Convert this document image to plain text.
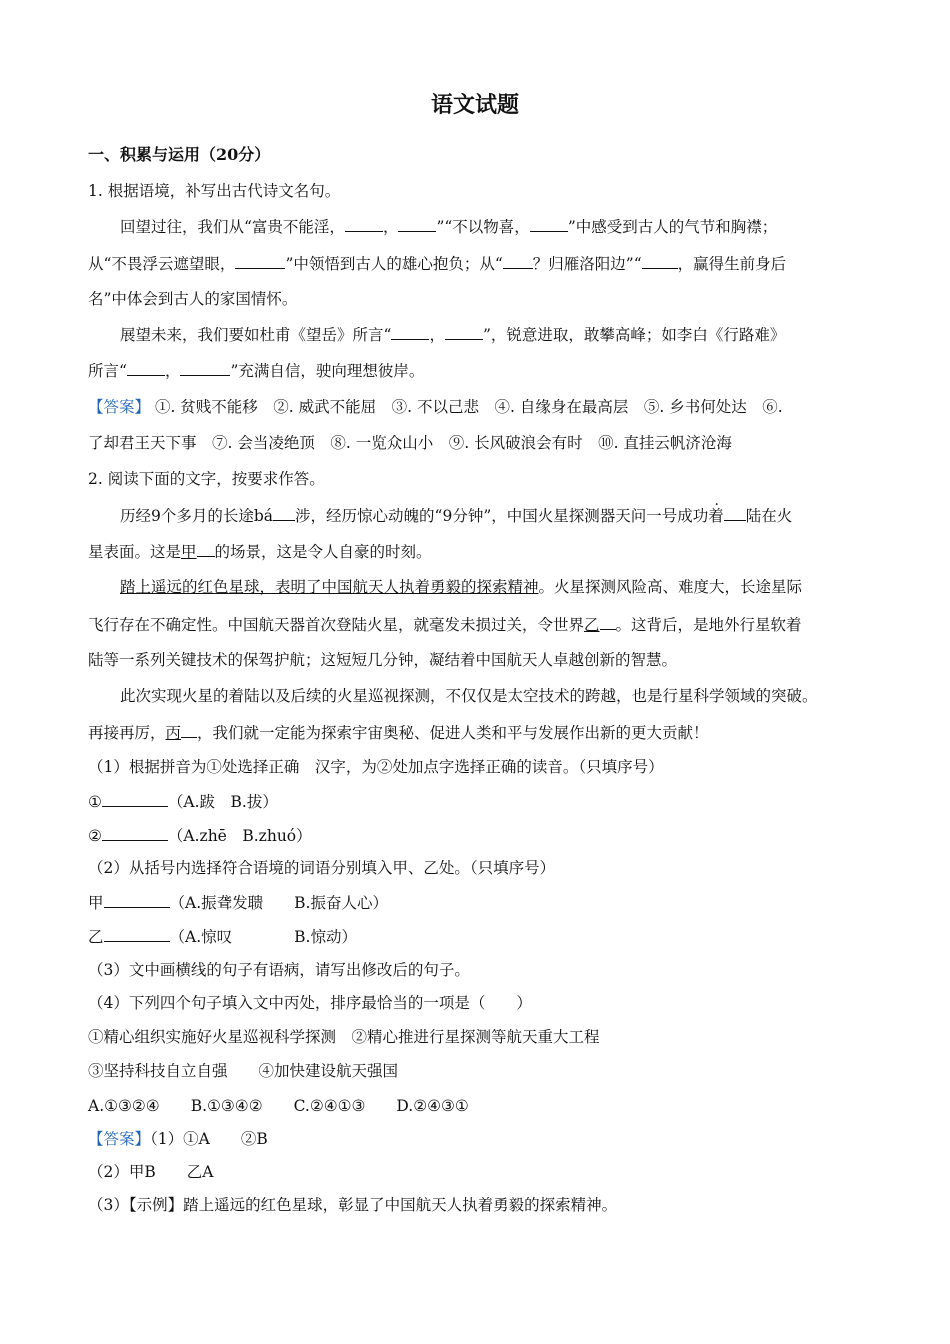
语文试题
一、积累与运用（20分）
1. 根据语境，补写出古代诗文名句。
回望过往，我们从“富贵不能淫， ， ”“不以物喜， ”中感受到古人的气节和胸襟；
从“不畏浮云遮望眼，	”中领悟到古人的雄心抱负；从“ ？归雁洛阳边”“ ，赢得生前身后
名”中体会到古人的家国情怀。
展望未来，我们要如杜甫《望岳》所言“ ， ”，锐意进取，敢攀高峰；如李白《行路难》
所言“ ，	”充满自信，驶向理想彼岸。
【答案】 ①. 贫贱不能移　②. 威武不能屈　③. 不以己悲　④. 自缘身在最高层　⑤. 乡书何处达　⑥.
了却君王天下事　⑦. 会当凌绝顶　⑧. 一览众山小　⑨. 长风破浪会有时　⑩. 直挂云帆济沧海
2. 阅读下面的文字，按要求作答。
历经9个多月的长途bá 涉，经历惊心动魄的“9分钟”，中国火星探测器天问一号成功着 陆在火
星表面。这是甲 的场景，这是令人自豪的时刻。
踏上遥远的红色星球，表明了中国航天人执着勇毅的探索精神。火星探测风险高、难度大，长途星际
飞行存在不确定性。中国航天器首次登陆火星，就毫发未损过关，令世界乙 。这背后，是地外行星软着
陆等一系列关键技术的保驾护航；这短短几分钟，凝结着中国航天人卓越创新的智慧。
此次实现火星的着陆以及后续的火星巡视探测，不仅仅是太空技术的跨越，也是行星科学领域的突破。
再接再厉，丙 ，我们就一定能为探索宇宙奥秘、促进人类和平与发展作出新的更大贡献！
（1）根据拼音为①处选择正确　汉字，为②处加点字选择正确的读音。（只填序号）
①	（A.跋　B.拔）
②	（A.zhē　B.zhuó）
（2）从括号内选择符合语境的词语分别填入甲、乙处。（只填序号）
甲	（A.振聋发聩　　B.振奋人心）
乙	（A.惊叹　　　　B.惊动）
（3）文中画横线的句子有语病，请写出修改后的句子。
（4）下列四个句子填入文中丙处，排序最恰当的一项是（　　）
①精心组织实施好火星巡视科学探测　②精心推进行星探测等航天重大工程
③坚持科技自立自强　　④加快建设航天强国
A.①③②④　　B.①③④②　　C.②④①③　　D.②④③①
【答案】（1）①A　　②B
（2）甲B　　乙A
（3）【示例】踏上遥远的红色星球，彰显了中国航天人执着勇毅的探索精神。
